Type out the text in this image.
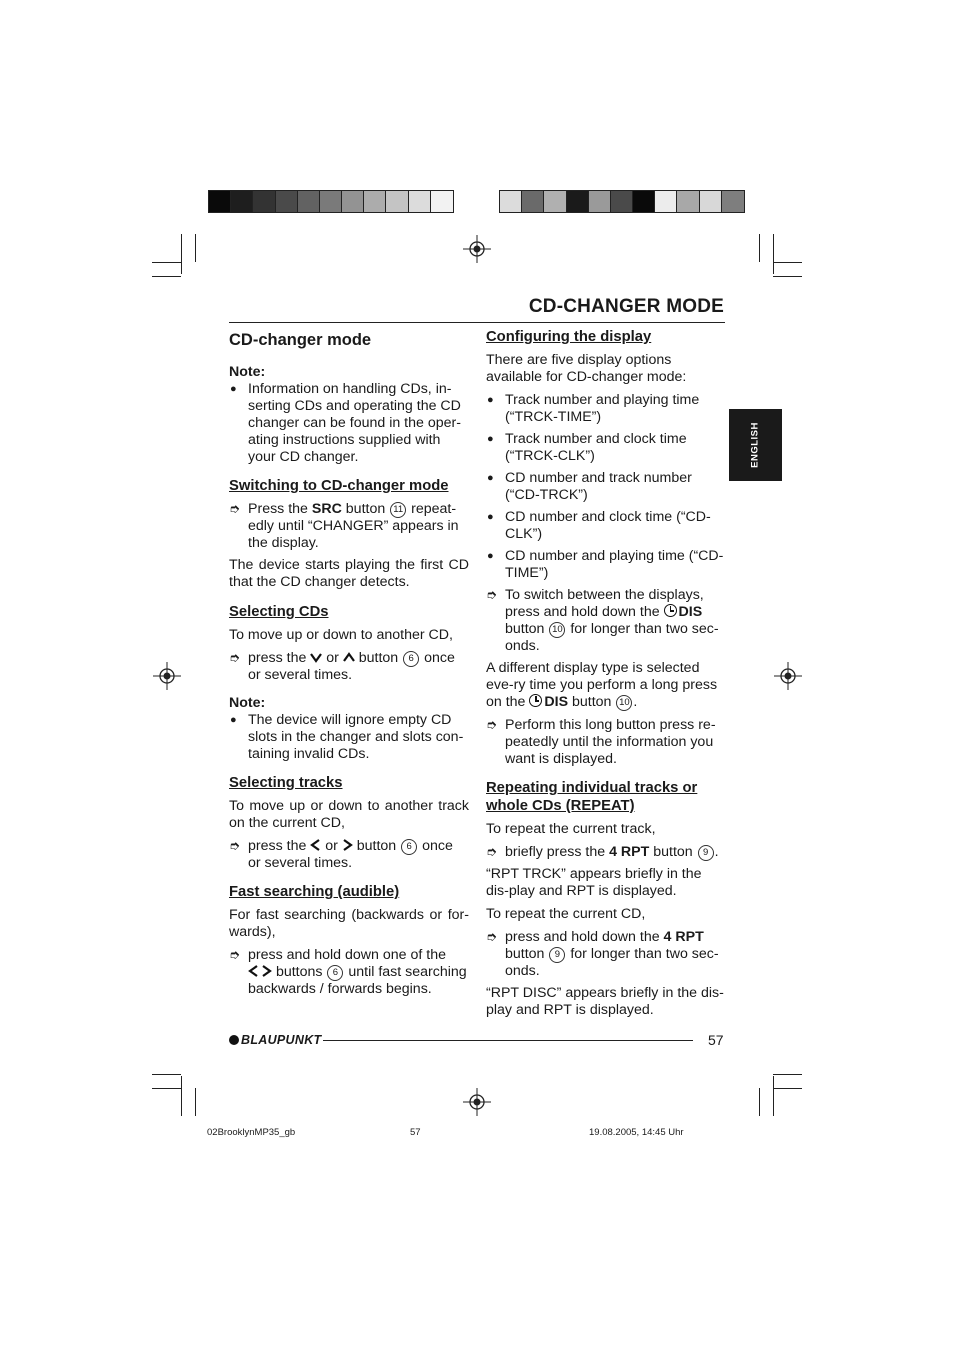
CD-CHANGER MODE
ENGLISH
CD-changer mode
Note:
● Information on handling CDs, in-serting CDs and operating the CD changer can be found in the oper-ating instructions supplied with your CD changer.
Switching to CD-changer mode
➮ Press the SRC button 11 repeat-edly until “CHANGER” appears in the display.
The device starts playing the first CD that the CD changer detects.
Selecting CDs
To move up or down to another CD,
➮ press the  or  button 6 once or several times.
Note:
● The device will ignore empty CD slots in the changer and slots con-taining invalid CDs.
Selecting tracks
To move up or down to another track on the current CD,
➮ press the  or  button 6 once or several times.
Fast searching (audible)
For fast searching (backwards or for-wards),
➮ press and hold down one of the
buttons 6 until fast searching backwards / forwards begins.
Configuring the display
There are five display options available for CD-changer mode:
● Track number and playing time (“TRCK-TIME”)
● Track number and clock time (“TRCK-CLK”)
● CD number and track number (“CD-TRCK”)
● CD number and clock time (“CD-CLK”)
● CD number and playing time (“CD-TIME”)
➮ To switch between the displays, press and hold down the DIS button 10 for longer than two sec-onds.
A different display type is selected eve-ry time you perform a long press on the DIS button 10 .
➮ Perform this long button press re-peatedly until the information you want is displayed.
Repeating individual tracks or whole CDs (REPEAT)
To repeat the current track,
➮ briefly press the 4 RPT button 9 .
“RPT TRCK” appears briefly in the dis-play and RPT is displayed.
To repeat the current CD,
➮ press and hold down the 4 RPT button 9 for longer than two sec-onds.
“RPT DISC” appears briefly in the dis-play and RPT is displayed.
BLAUPUNKT	57
02BrooklynMP35_gb	57	19.08.2005, 14:45 Uhr
